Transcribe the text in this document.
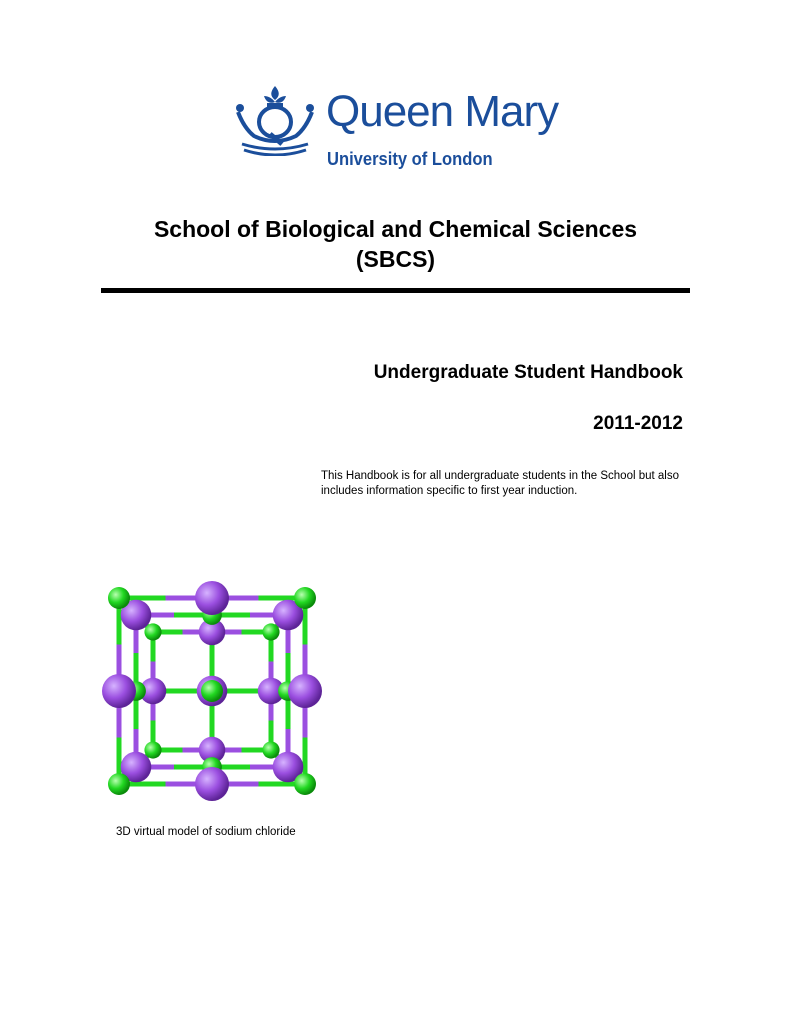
Queen Mary
University of London
School of Biological and Chemical Sciences
(SBCS)
Undergraduate Student Handbook
2011-2012
This Handbook is for all undergraduate students in the School but also
includes information specific to first year induction.
3D virtual model of sodium chloride
